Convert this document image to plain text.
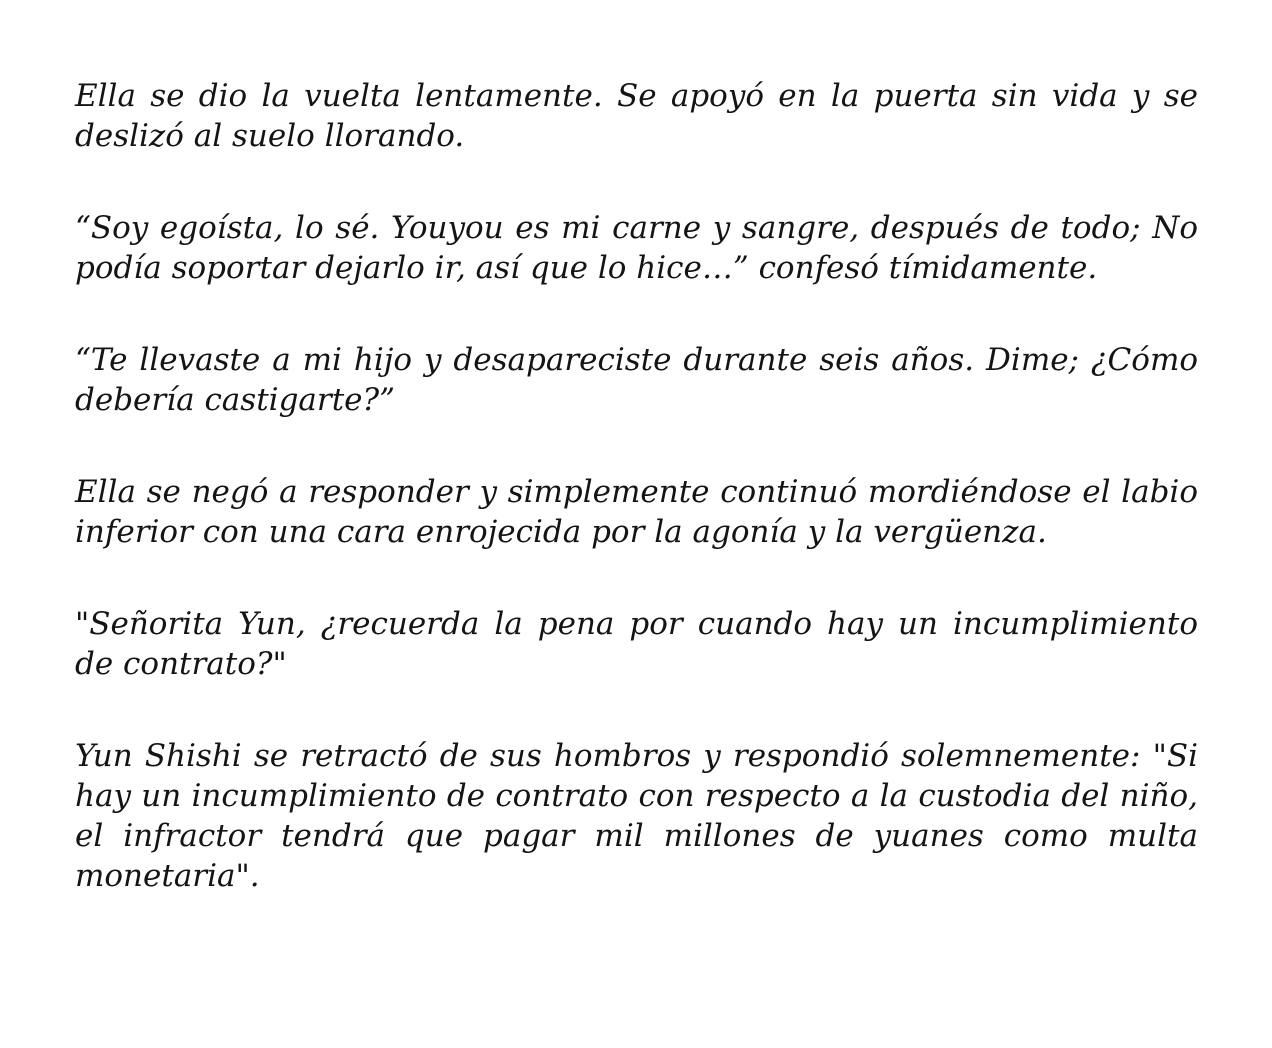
Ella se dio la vuelta lentamente. Se apoyó en la puerta sin vida y se deslizó al suelo llorando.

“Soy egoísta, lo sé. Youyou es mi carne y sangre, después de todo; No podía soportar dejarlo ir, así que lo hice…” confesó tímidamente.

“Te llevaste a mi hijo y desapareciste durante seis años. Dime; ¿Cómo debería castigarte?”

Ella se negó a responder y simplemente continuó mordiéndose el labio inferior con una cara enrojecida por la agonía y la vergüenza.

"Señorita Yun, ¿recuerda la pena por cuando hay un incumplimiento de contrato?"

Yun Shishi se retractó de sus hombros y respondió solemnemente: "Si hay un incumplimiento de contrato con respecto a la custodia del niño, el infractor tendrá que pagar mil millones de yuanes como multa monetaria".
